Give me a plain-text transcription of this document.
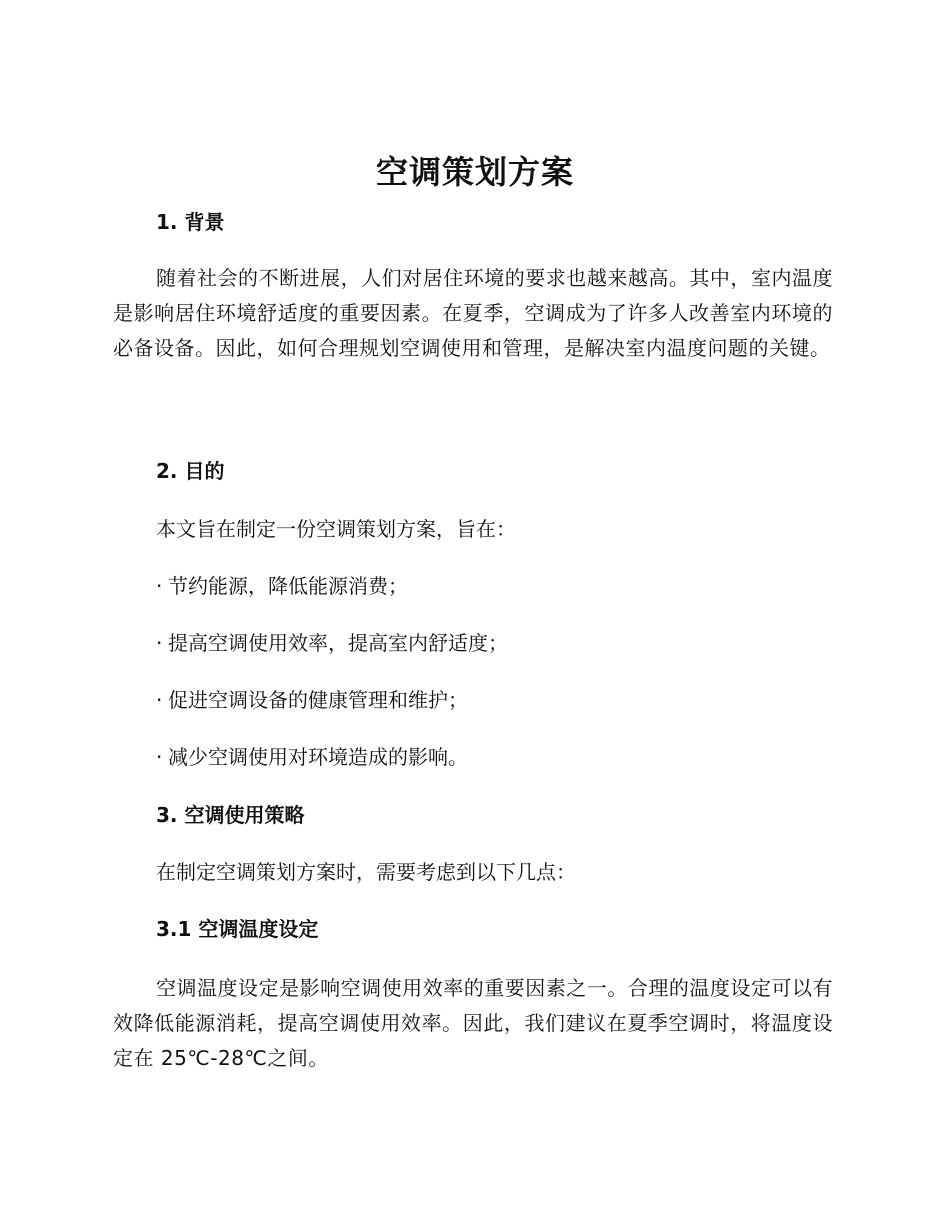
空调策划方案
1. 背景
随着社会的不断进展，人们对居住环境的要求也越来越高。其中，室内温度是影响居住环境舒适度的重要因素。在夏季，空调成为了许多人改善室内环境的必备设备。因此，如何合理规划空调使用和管理，是解决室内温度问题的关键。
2. 目的
本文旨在制定一份空调策划方案，旨在：
· 节约能源，降低能源消费；
· 提高空调使用效率，提高室内舒适度；
· 促进空调设备的健康管理和维护；
· 减少空调使用对环境造成的影响。
3. 空调使用策略
在制定空调策划方案时，需要考虑到以下几点：
3.1 空调温度设定
空调温度设定是影响空调使用效率的重要因素之一。合理的温度设定可以有效降低能源消耗，提高空调使用效率。因此，我们建议在夏季空调时，将温度设定在 25℃-28℃之间。
